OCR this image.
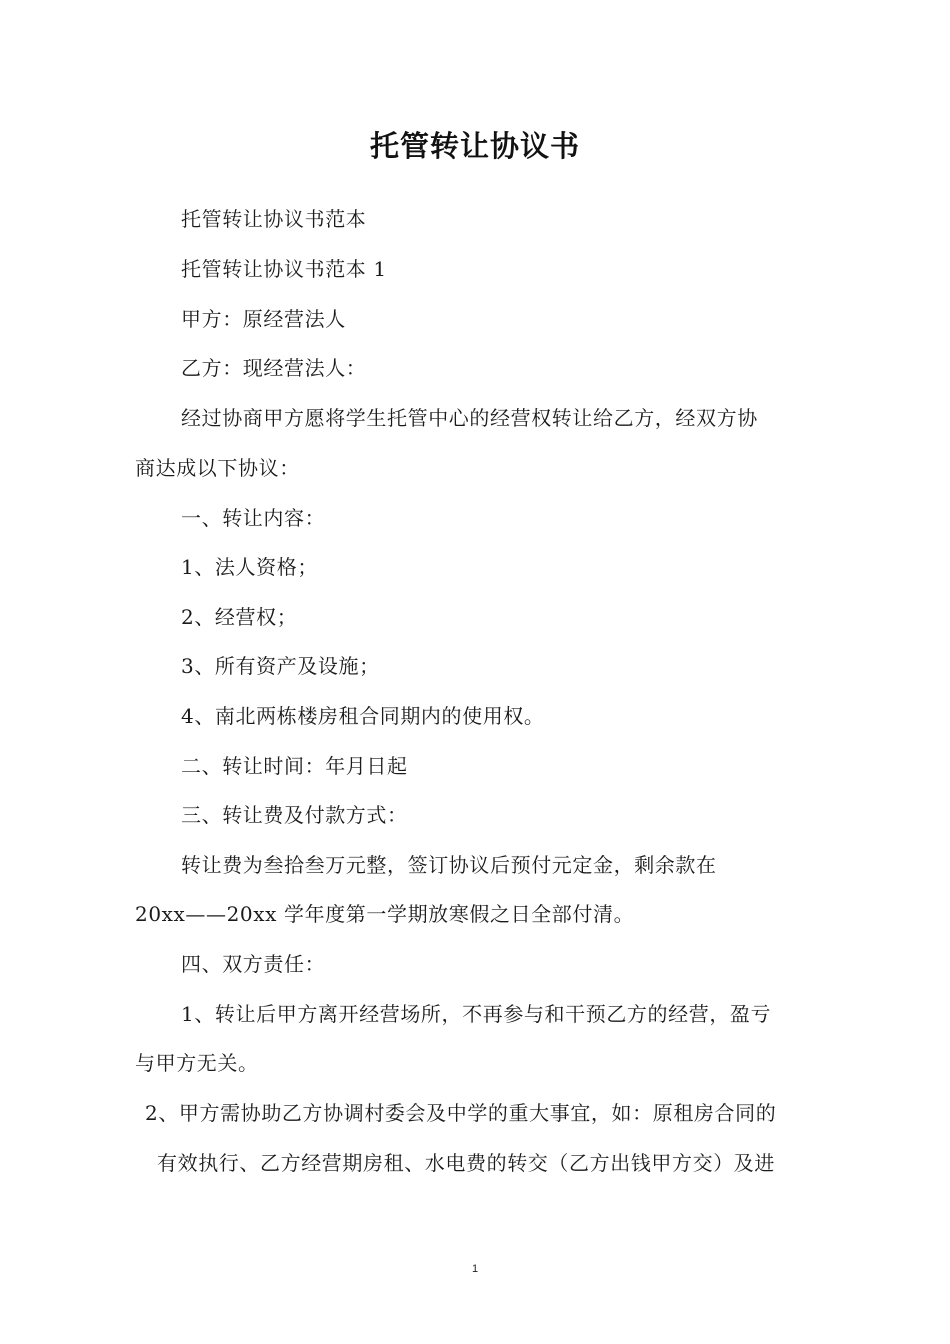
托管转让协议书

托管转让协议书范本

托管转让协议书范本 1

甲方：原经营法人

乙方：现经营法人：

经过协商甲方愿将学生托管中心的经营权转让给乙方，经双方协

商达成以下协议：

一、转让内容：

1、法人资格；

2、经营权；

3、所有资产及设施；

4、南北两栋楼房租合同期内的使用权。

二、转让时间：年月日起

三、转让费及付款方式：

转让费为叁拾叁万元整，签订协议后预付元定金，剩余款在

20xx——20xx 学年度第一学期放寒假之日全部付清。

四、双方责任：

1、转让后甲方离开经营场所，不再参与和干预乙方的经营，盈亏

与甲方无关。

2、甲方需协助乙方协调村委会及中学的重大事宜，如：原租房合同的

有效执行、乙方经营期房租、水电费的转交（乙方出钱甲方交）及进

1
